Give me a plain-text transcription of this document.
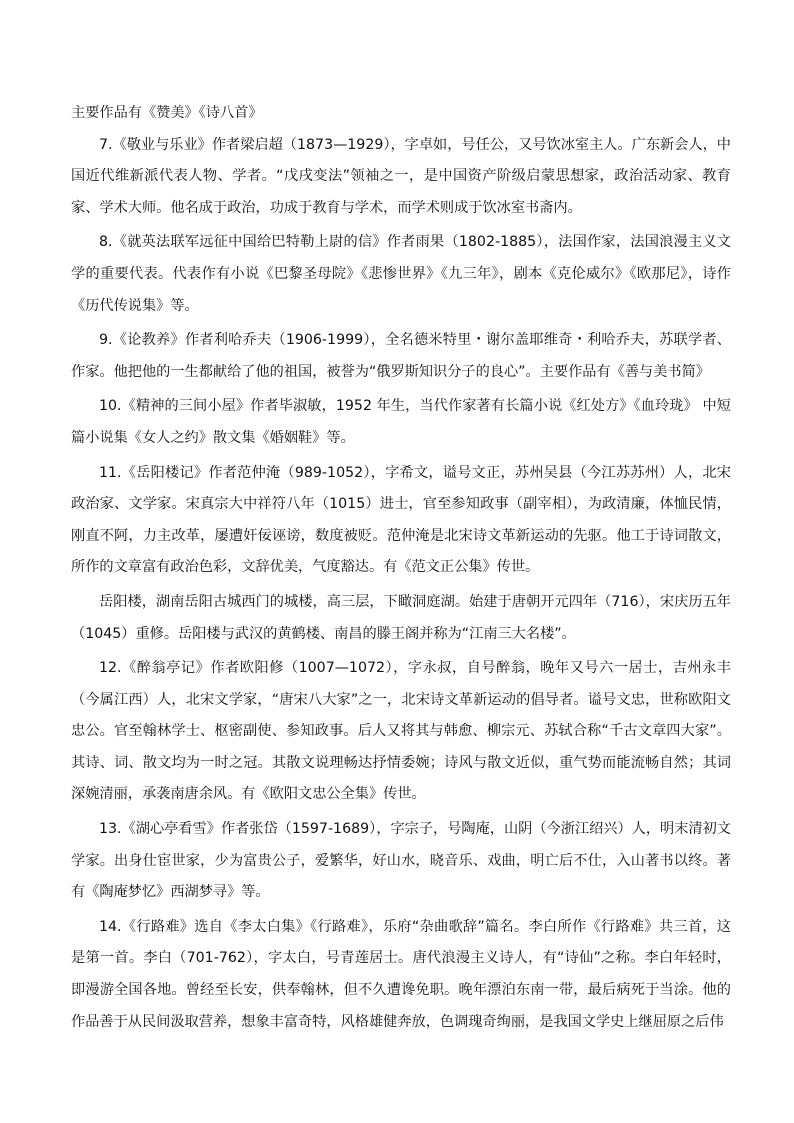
主要作品有《赞美》《诗八首》

7.《敬业与乐业》作者梁启超（1873—1929），字卓如，号任公，又号饮冰室主人。广东新会人，中国近代维新派代表人物、学者。“戊戌变法”领袖之一，是中国资产阶级启蒙思想家，政治活动家、教育家、学术大师。他名成于政治，功成于教育与学术，而学术则成于饮冰室书斋内。

8.《就英法联军远征中国给巴特勒上尉的信》作者雨果（1802-1885），法国作家，法国浪漫主义文学的重要代表。代表作有小说《巴黎圣母院》《悲惨世界》《九三年》，剧本《克伦威尔》《欧那尼》，诗作《历代传说集》等。

9.《论教养》作者利哈乔夫（1906-1999），全名德米特里・谢尔盖耶维奇・利哈乔夫，苏联学者、作家。他把他的一生都献给了他的祖国，被誉为“俄罗斯知识分子的良心”。主要作品有《善与美书简》

10.《精神的三间小屋》作者毕淑敏，1952 年生，当代作家著有长篇小说《红处方》《血玲珑》 中短篇小说集《女人之约》散文集《婚姻鞋》等。

11.《岳阳楼记》作者范仲淹（989-1052），字希文，谥号文正，苏州吴县（今江苏苏州）人，北宋政治家、文学家。宋真宗大中祥符八年（1015）进士，官至参知政事（副宰相），为政清廉，体恤民情，刚直不阿，力主改革，屡遭奸佞诬谤，数度被贬。范仲淹是北宋诗文革新运动的先驱。他工于诗词散文，所作的文章富有政治色彩，文辞优美，气度豁达。有《范文正公集》传世。

岳阳楼，湖南岳阳古城西门的城楼，高三层，下瞰洞庭湖。始建于唐朝开元四年（716），宋庆历五年（1045）重修。岳阳楼与武汉的黄鹤楼、南昌的滕王阁并称为“江南三大名楼”。

12.《醉翁亭记》作者欧阳修（1007—1072），字永叔，自号醉翁，晚年又号六一居士，吉州永丰（今属江西）人，北宋文学家，“唐宋八大家”之一，北宋诗文革新运动的倡导者。谥号文忠，世称欧阳文忠公。官至翰林学士、枢密副使、参知政事。后人又将其与韩愈、柳宗元、苏轼合称“千古文章四大家”。其诗、词、散文均为一时之冠。其散文说理畅达抒情委婉；诗风与散文近似，重气势而能流畅自然；其词深婉清丽，承袭南唐余风。有《欧阳文忠公全集》传世。

13.《湖心亭看雪》作者张岱（1597-1689），字宗子，号陶庵，山阴（今浙江绍兴）人，明末清初文学家。出身仕宦世家，少为富贵公子，爱繁华，好山水，晓音乐、戏曲，明亡后不仕，入山著书以终。著有《陶庵梦忆》西湖梦寻》等。

14.《行路难》选自《李太白集》《行路难》，乐府“杂曲歌辞”篇名。李白所作《行路难》共三首，这是第一首。李白（701-762），字太白，号青莲居士。唐代浪漫主义诗人，有“诗仙”之称。李白年轻时，即漫游全国各地。曾经至长安，供奉翰林，但不久遭谗免职。晚年漂泊东南一带，最后病死于当涂。他的作品善于从民间汲取营养，想象丰富奇特，风格雄健奔放，色调瑰奇绚丽，是我国文学史上继屈原之后伟
